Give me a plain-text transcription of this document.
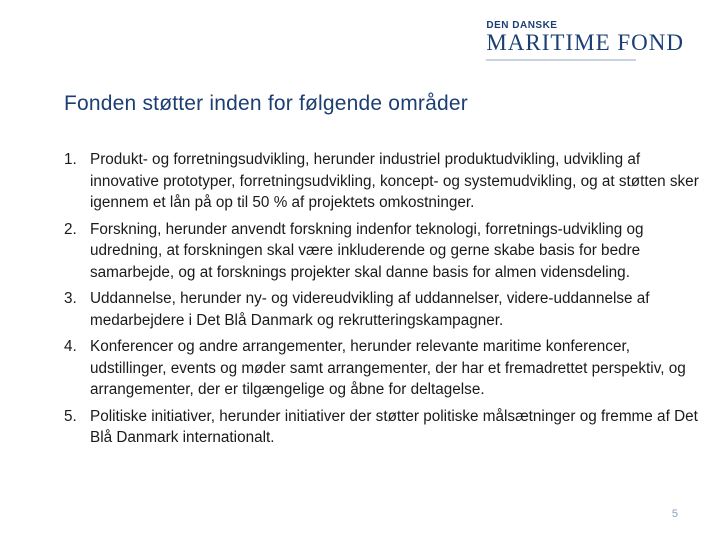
DEN DANSKE
MARITIME FOND
Fonden støtter inden for følgende områder
1. Produkt- og forretningsudvikling, herunder industriel produktudvikling, udvikling af innovative prototyper, forretningsudvikling, koncept- og systemudvikling, og at støtten sker igennem et lån på op til 50 % af projektets omkostninger.
2. Forskning, herunder anvendt forskning indenfor teknologi, forretnings-udvikling og udredning, at forskningen skal være inkluderende og gerne skabe basis for bedre samarbejde, og at forsknings projekter skal danne basis for almen vidensdeling.
3. Uddannelse, herunder ny- og videreudvikling af uddannelser, videre-uddannelse af medarbejdere i Det Blå Danmark og rekrutteringskampagner.
4. Konferencer og andre arrangementer, herunder relevante maritime konferencer, udstillinger, events og møder samt arrangementer, der har et fremadrettet perspektiv, og arrangementer, der er tilgængelige og åbne for deltagelse.
5. Politiske initiativer, herunder initiativer der støtter politiske målsætninger og fremme af Det Blå Danmark internationalt.
5
